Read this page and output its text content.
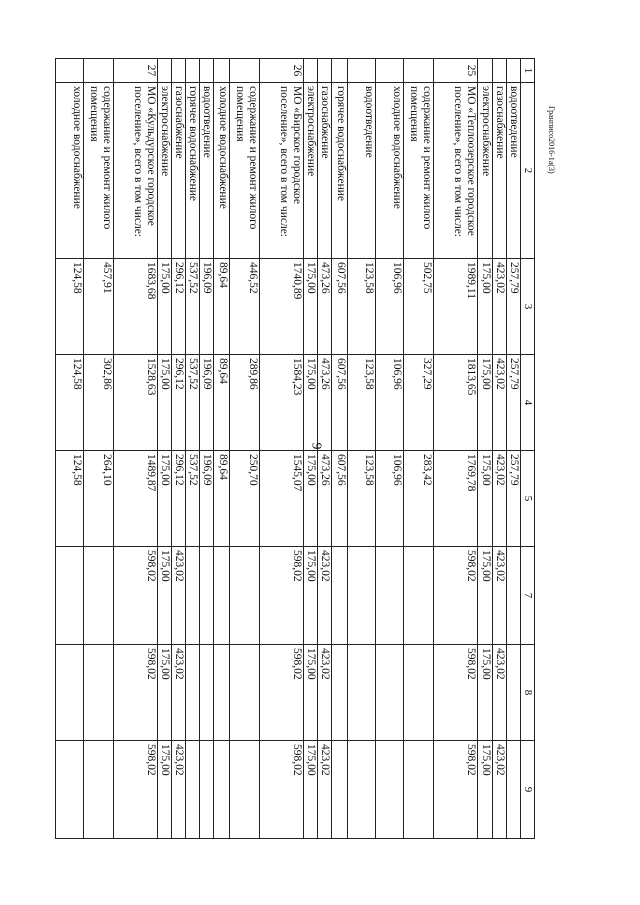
9
Гранписо2016-1а(3)
1	2	3	4	5	7	8	9
	водоотведение	257,79	257,79	257,79			
	газоснабжение	423,02	423,02	423,02	423,02	423,02	423,02
	электроснабжение	175,00	175,00	175,00	175,00	175,00	175,00
25	МО «Теплоозерское городское поселение», всего в том числе:	1989,11	1813,65	1769,78	598,02	598,02	598,02
	содержание и ремонт жилого помещения	502,75	327,29	283,42			
	холодное водоснабжение	106,96	106,96	106,96			
	водоотведение	123,58	123,58	123,58			
	горячее водоснабжение	607,56	607,56	607,56			
	газоснабжение	473,26	473,26	473,26	423,02	423,02	423,02
	электроснабжение	175,00	175,00	175,00	175,00	175,00	175,00
26	МО «Бирское городское поселение», всего в том числе:	1740,89	1584,23	1545,07	598,02	598,02	598,02
	содержание и ремонт жилого помещения	446,52	289,86	250,70			
	холодное водоснабжение	89,64	89,64	89,64			
	водоотведение	196,09	196,09	196,09			
	горячее водоснабжение	537,52	537,52	537,52			
	газоснабжение	296,12	296,12	296,12	423,02	423,02	423,02
	электроснабжение	175,00	175,00	175,00	175,00	175,00	175,00
27	МО «Кульдурское городское поселение», всего в том числе:	1683,68	1528,63	1489,87	598,02	598,02	598,02
	содержание и ремонт жилого помещения	457,91	302,86	264,10			
	холодное водоснабжение	124,58	124,58	124,58			
